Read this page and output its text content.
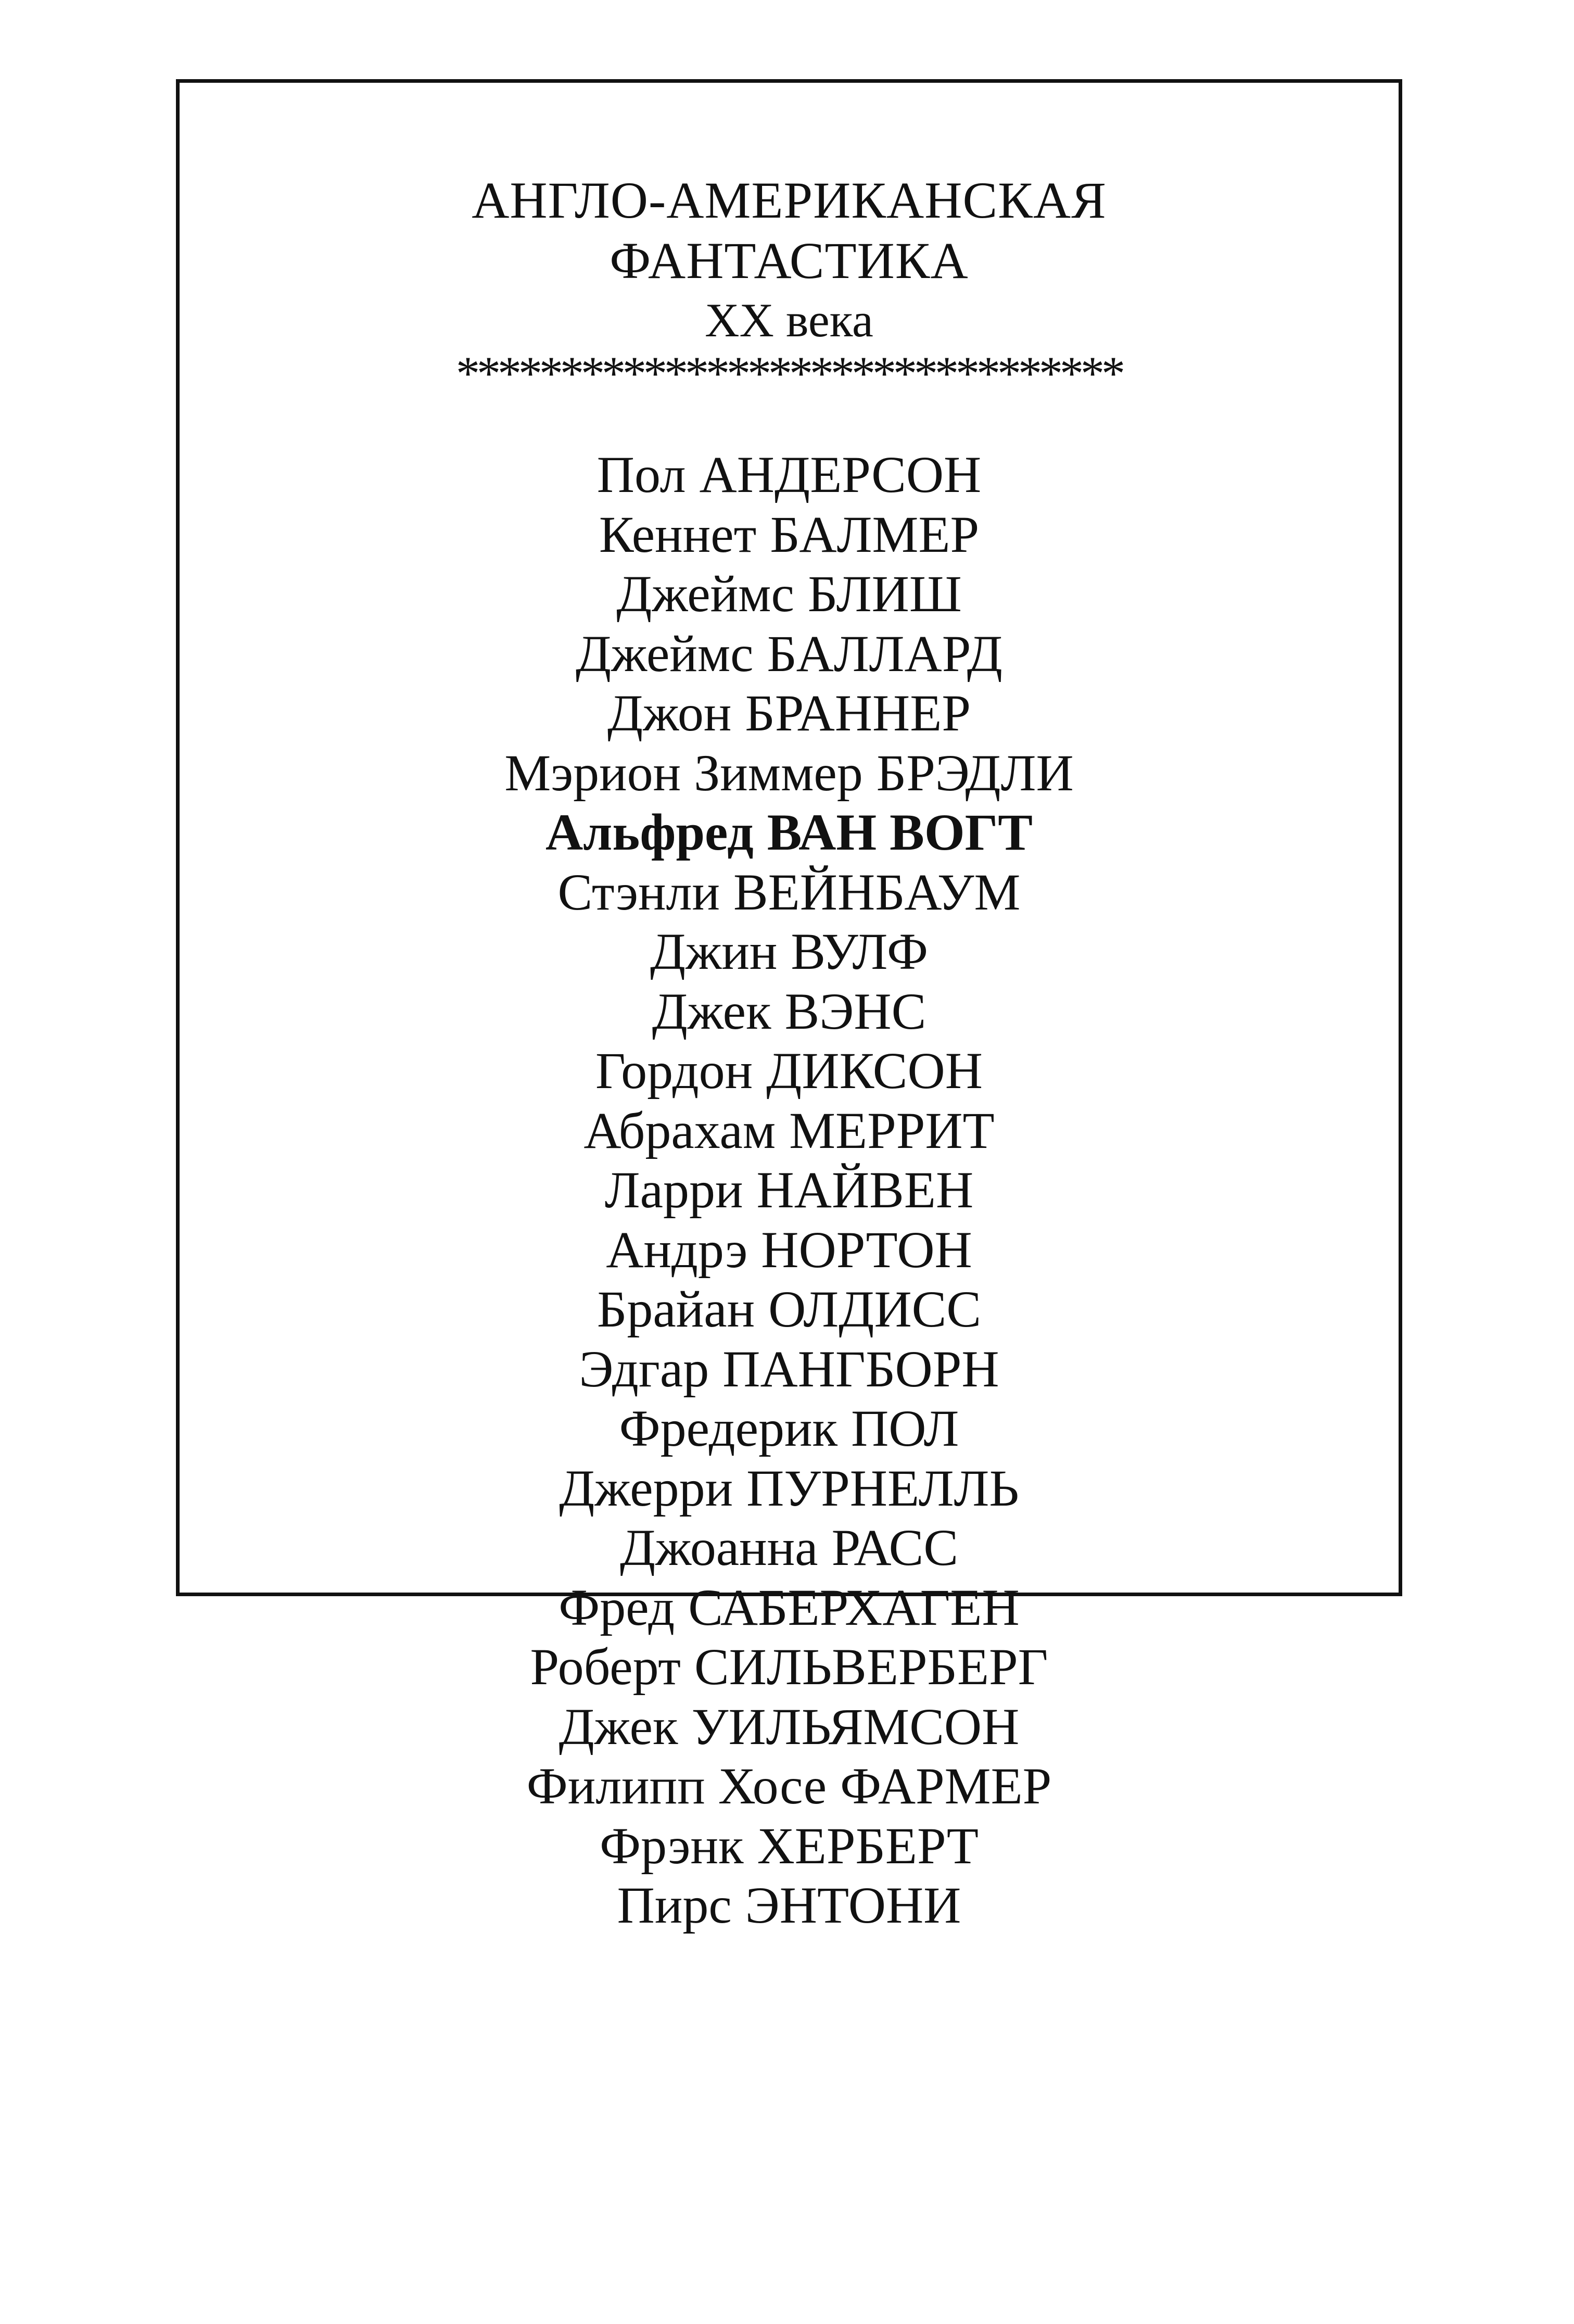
АНГЛО-АМЕРИКАНСКАЯ
ФАНТАСТИКА
XX века
********************************
Пол АНДЕРСОН
Кеннет БАЛМЕР
Джеймс БЛИШ
Джеймс БАЛЛАРД
Джон БРАННЕР
Мэрион Зиммер БРЭДЛИ
Альфред ВАН ВОГТ
Стэнли ВЕЙНБАУМ
Джин ВУЛФ
Джек ВЭНС
Гордон ДИКСОН
Абрахам МЕРРИТ
Ларри НАЙВЕН
Андрэ НОРТОН
Брайан ОЛДИСС
Эдгар ПАНГБОРН
Фредерик ПОЛ
Джерри ПУРНЕЛЛЬ
Джоанна РАСС
Фред САБЕРХАГЕН
Роберт СИЛЬВЕРБЕРГ
Джек УИЛЬЯМСОН
Филипп Хосе ФАРМЕР
Фрэнк ХЕРБЕРТ
Пирс ЭНТОНИ
